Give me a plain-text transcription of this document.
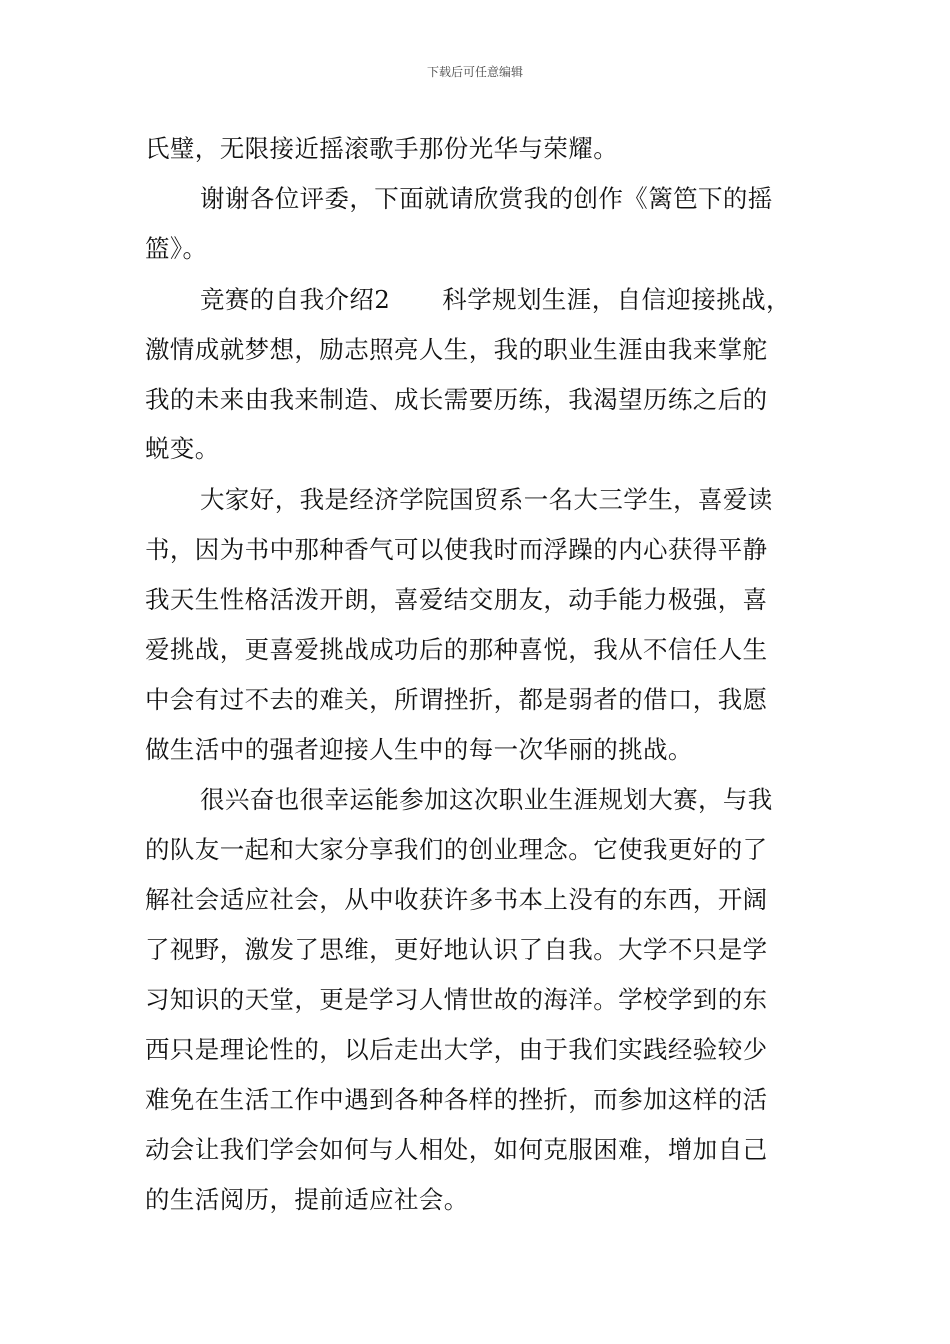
下载后可任意编辑
氏璧，无限接近摇滚歌手那份光华与荣耀。
谢谢各位评委，下面就请欣赏我的创作《篱笆下的摇
篮》。
竞赛的自我介绍2 科学规划生涯，自信迎接挑战，
激情成就梦想，励志照亮人生，我的职业生涯由我来掌舵
我的未来由我来制造、成长需要历练，我渴望历练之后的
蜕变。
大家好，我是经济学院国贸系一名大三学生，喜爱读
书，因为书中那种香气可以使我时而浮躁的内心获得平静
我天生性格活泼开朗，喜爱结交朋友，动手能力极强，喜
爱挑战，更喜爱挑战成功后的那种喜悦，我从不信任人生
中会有过不去的难关，所谓挫折，都是弱者的借口，我愿
做生活中的强者迎接人生中的每一次华丽的挑战。
很兴奋也很幸运能参加这次职业生涯规划大赛，与我
的队友一起和大家分享我们的创业理念。它使我更好的了
解社会适应社会，从中收获许多书本上没有的东西，开阔
了视野，激发了思维，更好地认识了自我。大学不只是学
习知识的天堂，更是学习人情世故的海洋。学校学到的东
西只是理论性的，以后走出大学，由于我们实践经验较少
难免在生活工作中遇到各种各样的挫折，而参加这样的活
动会让我们学会如何与人相处，如何克服困难，增加自己
的生活阅历，提前适应社会。
